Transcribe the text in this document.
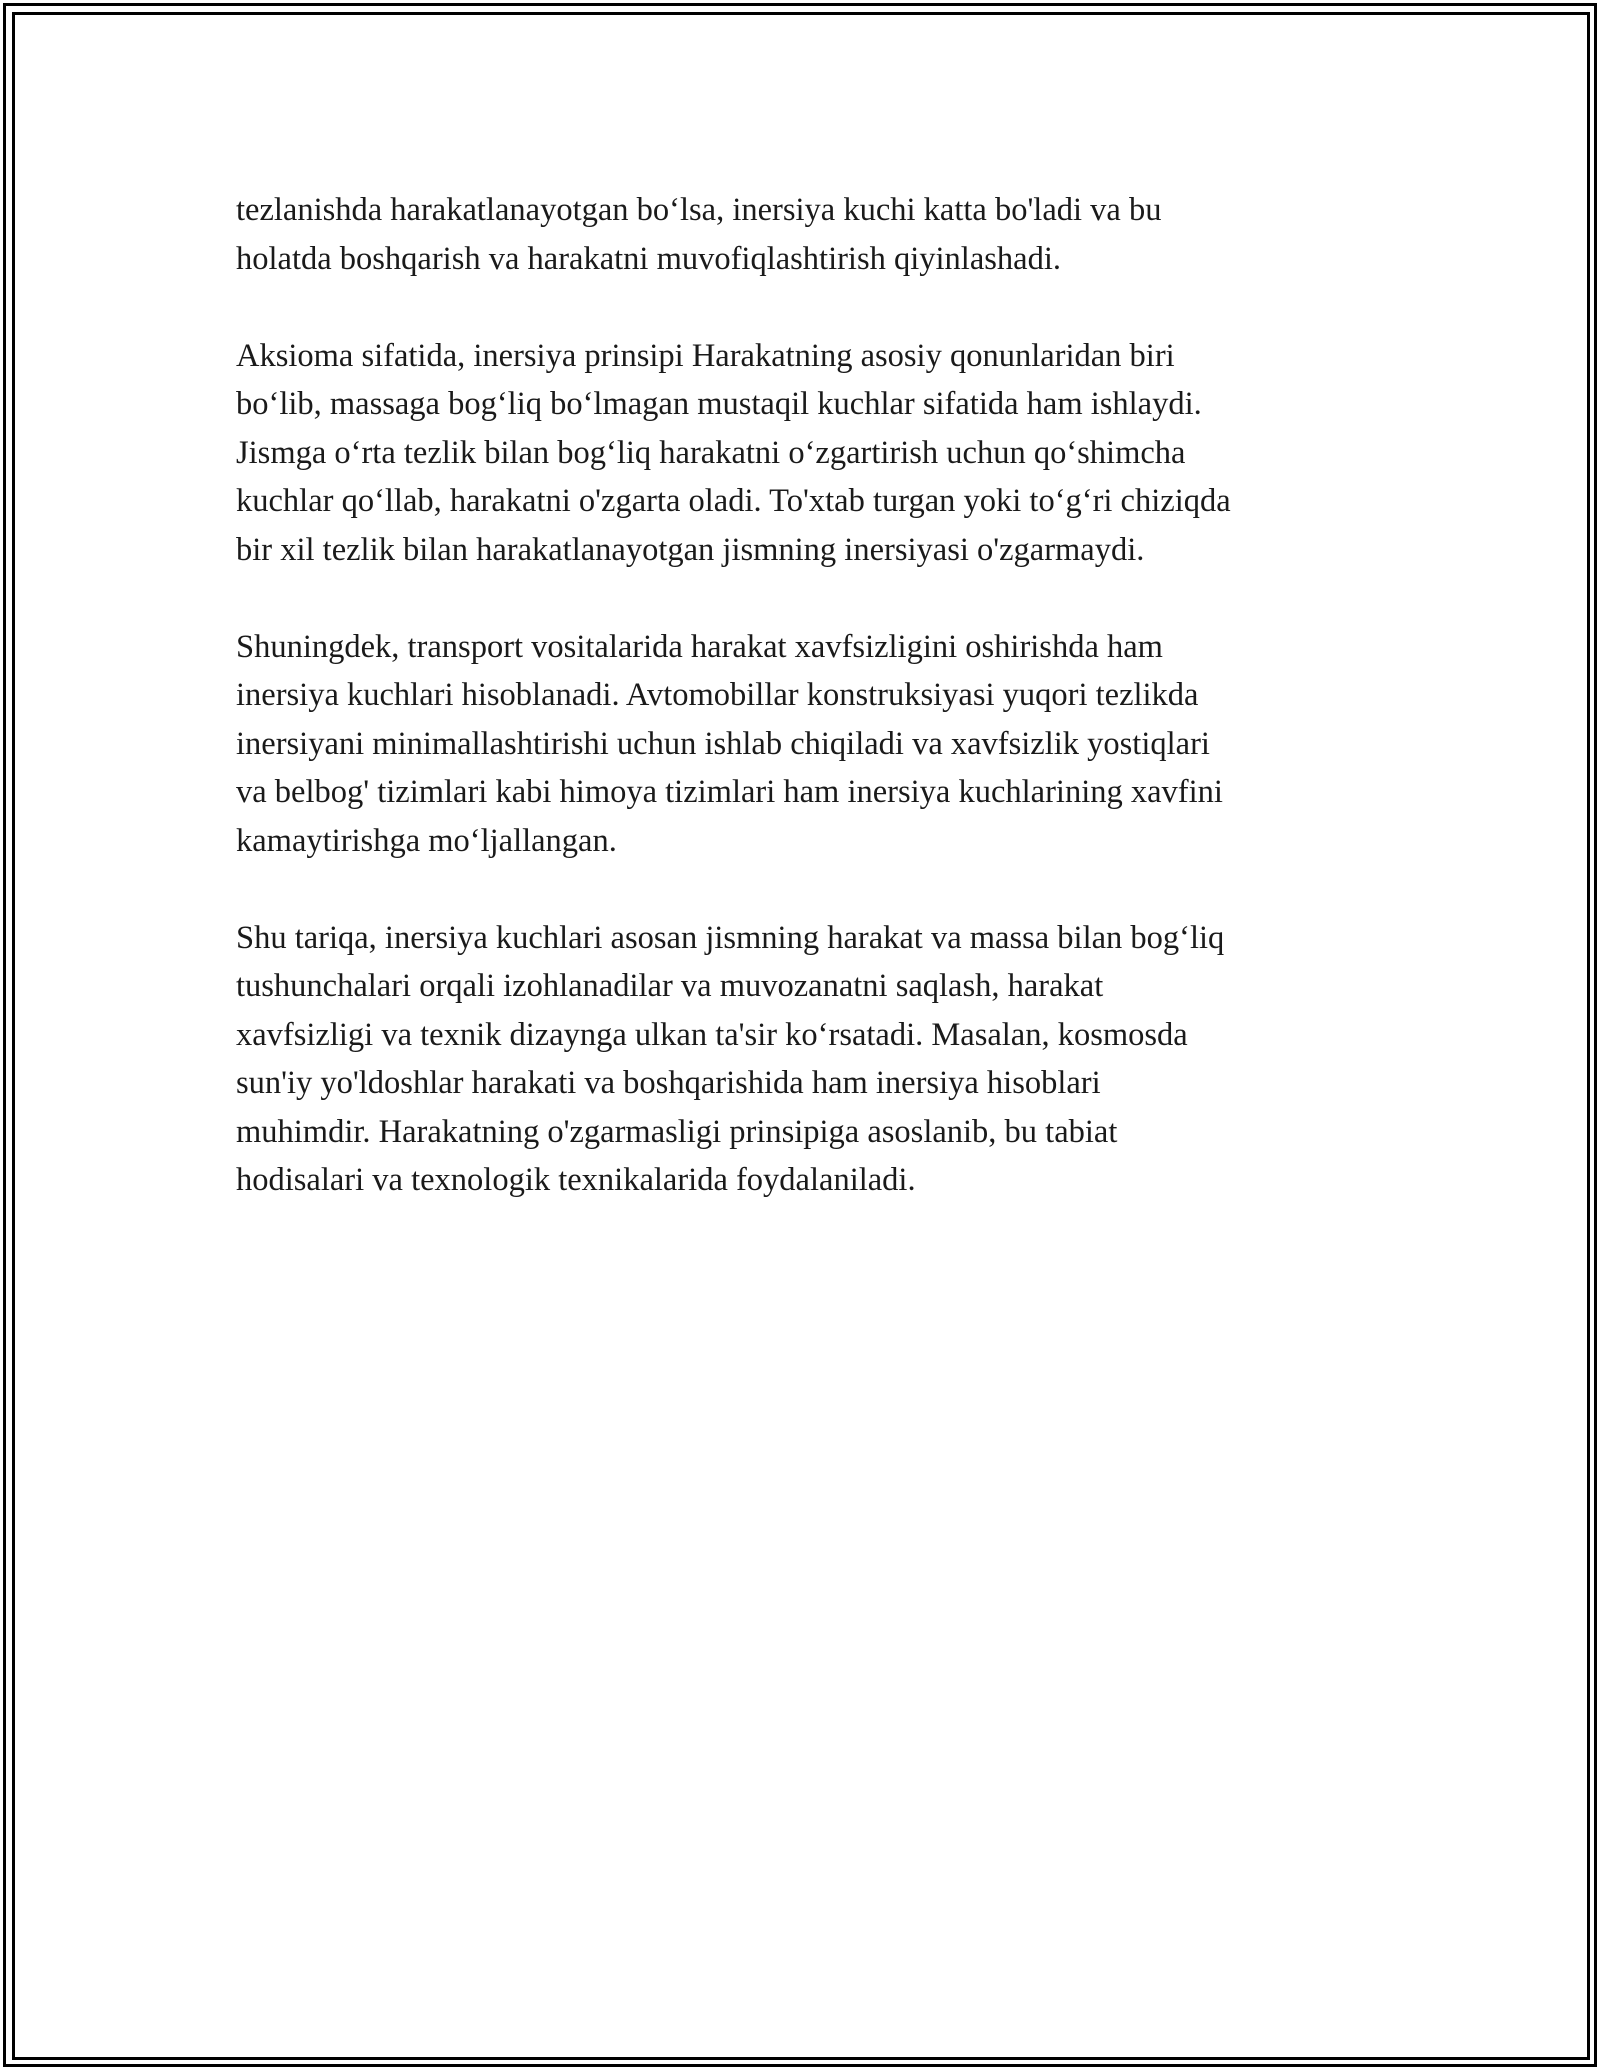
tezlanishda harakatlanayotgan bo‘lsa, inersiya kuchi katta bo'ladi va bu
holatda boshqarish va harakatni muvofiqlashtirish qiyinlashadi.

Aksioma sifatida, inersiya prinsipi Harakatning asosiy qonunlaridan biri
bo‘lib, massaga bog‘liq bo‘lmagan mustaqil kuchlar sifatida ham ishlaydi.
Jismga o‘rta tezlik bilan bog‘liq harakatni o‘zgartirish uchun qo‘shimcha
kuchlar qo‘llab, harakatni o'zgarta oladi. To'xtab turgan yoki to‘g‘ri chiziqda
bir xil tezlik bilan harakatlanayotgan jismning inersiyasi o'zgarmaydi.

Shuningdek, transport vositalarida harakat xavfsizligini oshirishda ham
inersiya kuchlari hisoblanadi. Avtomobillar konstruksiyasi yuqori tezlikda
inersiyani minimallashtirishi uchun ishlab chiqiladi va xavfsizlik yostiqlari
va belbog' tizimlari kabi himoya tizimlari ham inersiya kuchlarining xavfini
kamaytirishga mo‘ljallangan.

Shu tariqa, inersiya kuchlari asosan jismning harakat va massa bilan bog‘liq
tushunchalari orqali izohlanadilar va muvozanatni saqlash, harakat
xavfsizligi va texnik dizaynga ulkan ta'sir ko‘rsatadi. Masalan, kosmosda
sun'iy yo'ldoshlar harakati va boshqarishida ham inersiya hisoblari
muhimdir. Harakatning o'zgarmasligi prinsipiga asoslanib, bu tabiat
hodisalari va texnologik texnikalarida foydalaniladi.
